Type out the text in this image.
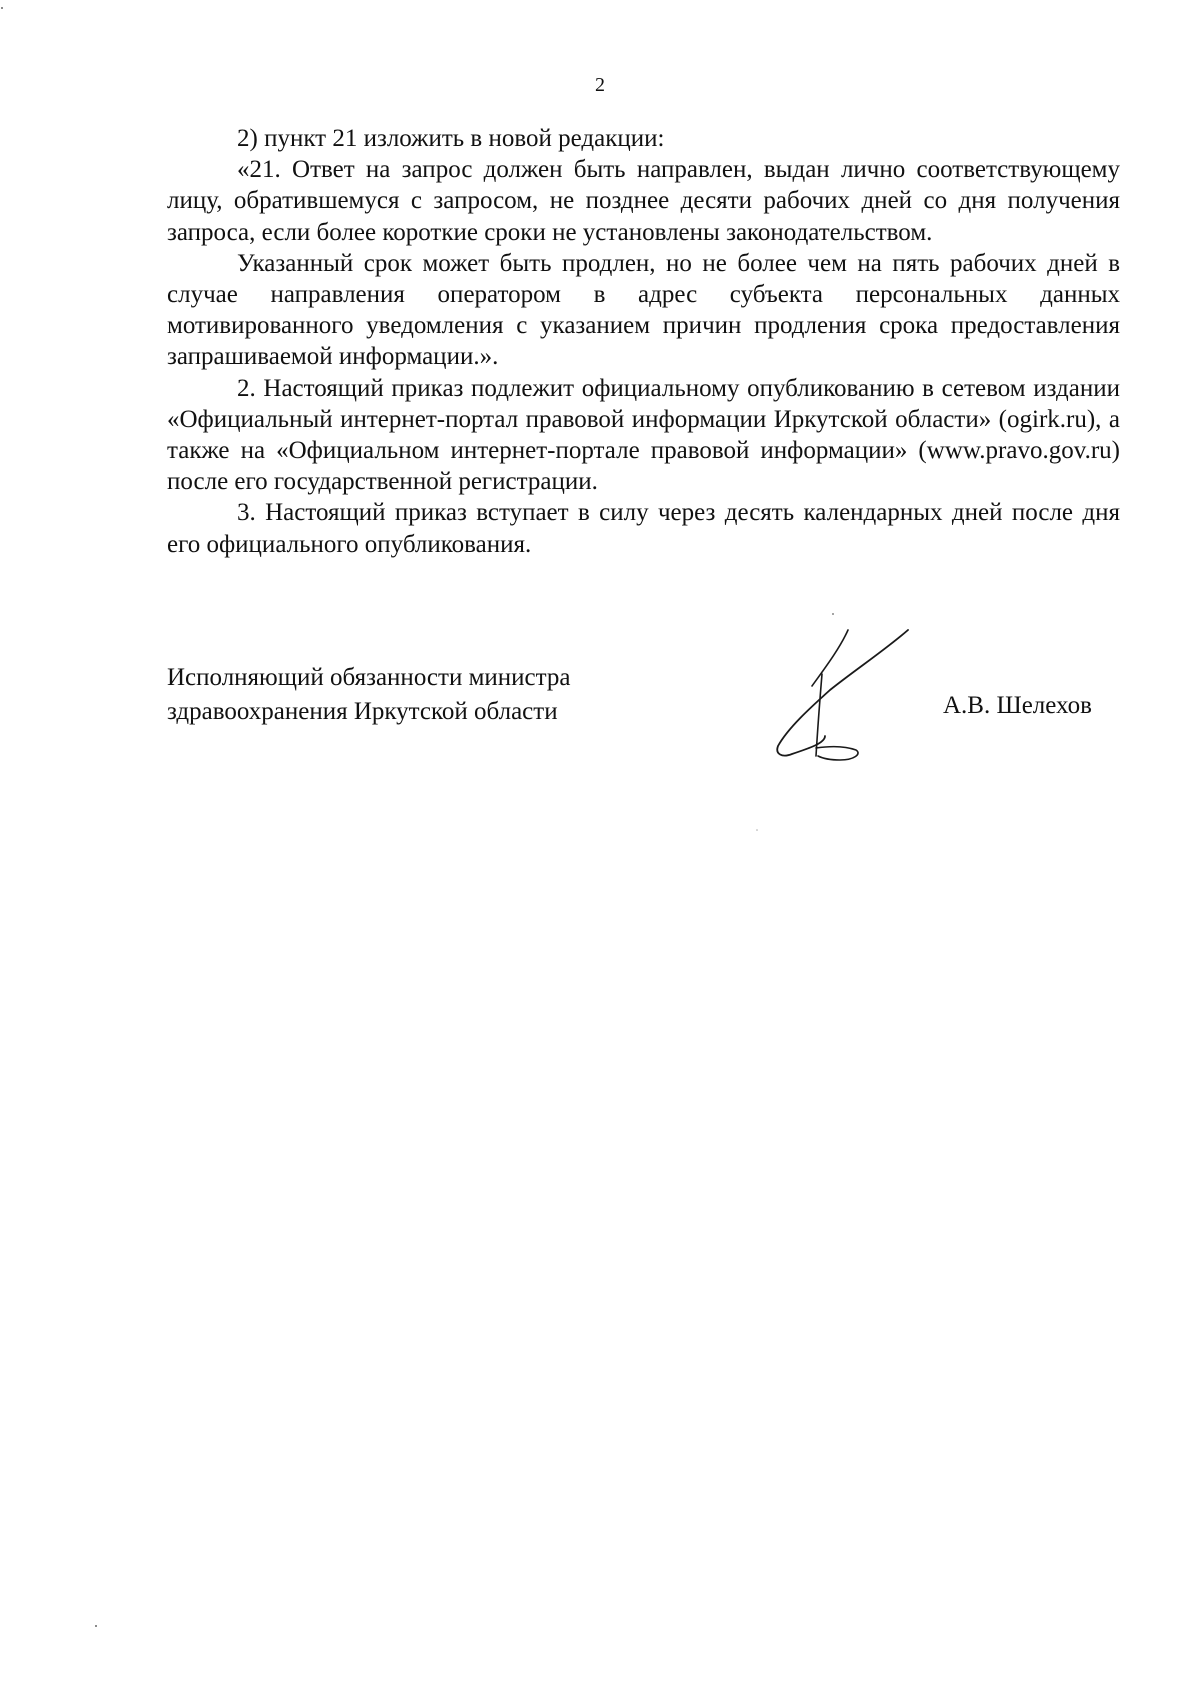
2

2) пункт 21 изложить в новой редакции:

«21. Ответ на запрос должен быть направлен, выдан лично соответствующему лицу, обратившемуся с запросом, не позднее десяти рабочих дней со дня получения запроса, если более короткие сроки не установлены законодательством.

Указанный срок может быть продлен, но не более чем на пять рабочих дней в случае направления оператором в адрес субъекта персональных данных мотивированного уведомления с указанием причин продления срока предоставления запрашиваемой информации.».

2. Настоящий приказ подлежит официальному опубликованию в сетевом издании «Официальный интернет-портал правовой информации Иркутской области» (ogirk.ru), а также на «Официальном интернет-портале правовой информации» (www.pravo.gov.ru) после его государственной регистрации.

3. Настоящий приказ вступает в силу через десять календарных дней после дня его официального опубликования.

Исполняющий обязанности министра
здравоохранения Иркутской области	А.В. Шелехов
